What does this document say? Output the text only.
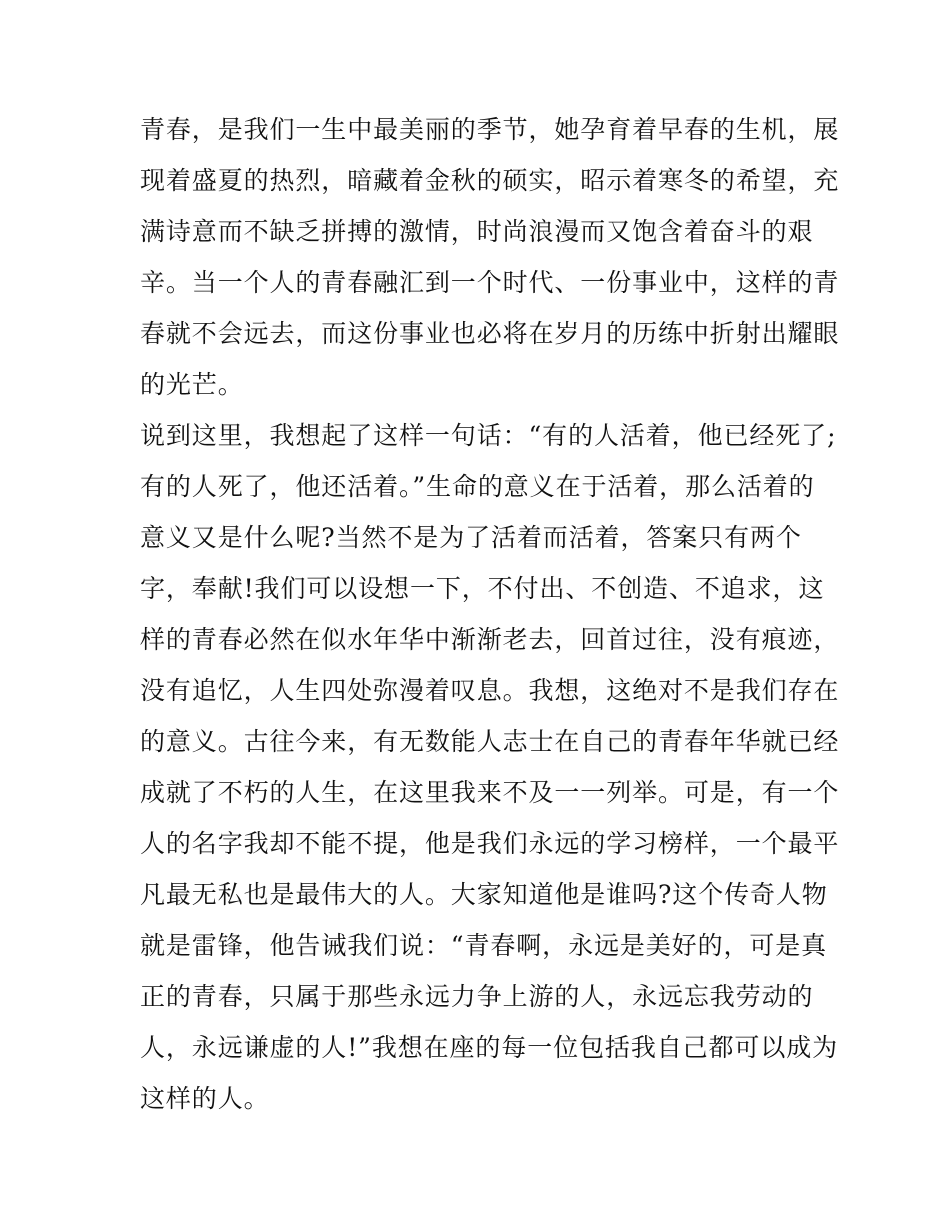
青春，是我们一生中最美丽的季节，她孕育着早春的生机，展
现着盛夏的热烈，暗藏着金秋的硕实，昭示着寒冬的希望，充
满诗意而不缺乏拼搏的激情，时尚浪漫而又饱含着奋斗的艰
辛。当一个人的青春融汇到一个时代、一份事业中，这样的青
春就不会远去，而这份事业也必将在岁月的历练中折射出耀眼
的光芒。
说到这里，我想起了这样一句话：“有的人活着，他已经死了;
有的人死了，他还活着。”生命的意义在于活着，那么活着的
意义又是什么呢?当然不是为了活着而活着，答案只有两个
字，奉献!我们可以设想一下，不付出、不创造、不追求，这
样的青春必然在似水年华中渐渐老去，回首过往，没有痕迹，
没有追忆，人生四处弥漫着叹息。我想，这绝对不是我们存在
的意义。古往今来，有无数能人志士在自己的青春年华就已经
成就了不朽的人生，在这里我来不及一一列举。可是，有一个
人的名字我却不能不提，他是我们永远的学习榜样，一个最平
凡最无私也是最伟大的人。大家知道他是谁吗?这个传奇人物
就是雷锋，他告诫我们说：“青春啊，永远是美好的，可是真
正的青春，只属于那些永远力争上游的人，永远忘我劳动的
人，永远谦虚的人!”我想在座的每一位包括我自己都可以成为
这样的人。
